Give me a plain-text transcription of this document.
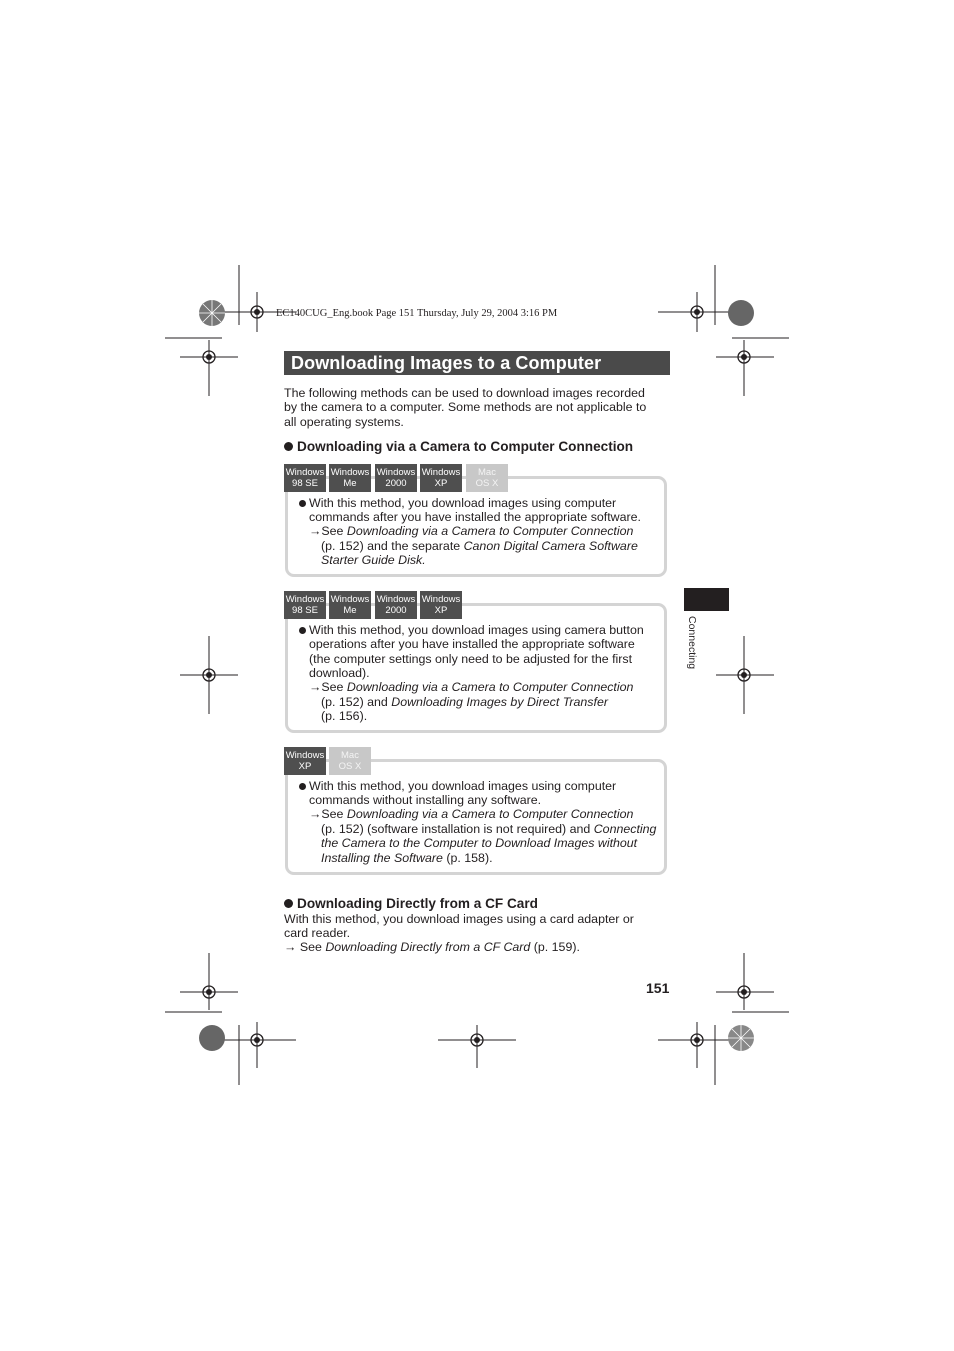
EC140CUG_Eng.book Page 151 Thursday, July 29, 2004 3:16 PM
Downloading Images to a Computer
The following methods can be used to download images recorded
by the camera to a computer. Some methods are not applicable to
all operating systems.
Downloading via a Camera to Computer Connection
Windows
98 SE
Windows
Me
Windows
2000
Windows
XP
Mac
OS X
With this method, you download images using computer
commands after you have installed the appropriate software.
→See Downloading via a Camera to Computer Connection
(p. 152) and the separate Canon Digital Camera Software
Starter Guide Disk.
Windows
98 SE
Windows
Me
Windows
2000
Windows
XP
With this method, you download images using camera button
operations after you have installed the appropriate software
(the computer settings only need to be adjusted for the first
download).
→See Downloading via a Camera to Computer Connection
(p. 152) and Downloading Images by Direct Transfer
(p. 156).
Windows
XP
Mac
OS X
With this method, you download images using computer
commands without installing any software.
→See Downloading via a Camera to Computer Connection
(p. 152) (software installation is not required) and Connecting
the Camera to the Computer to Download Images without
Installing the Software (p. 158).
Downloading Directly from a CF Card
With this method, you download images using a card adapter or
card reader.
→ See Downloading Directly from a CF Card (p. 159).
Connecting
151
